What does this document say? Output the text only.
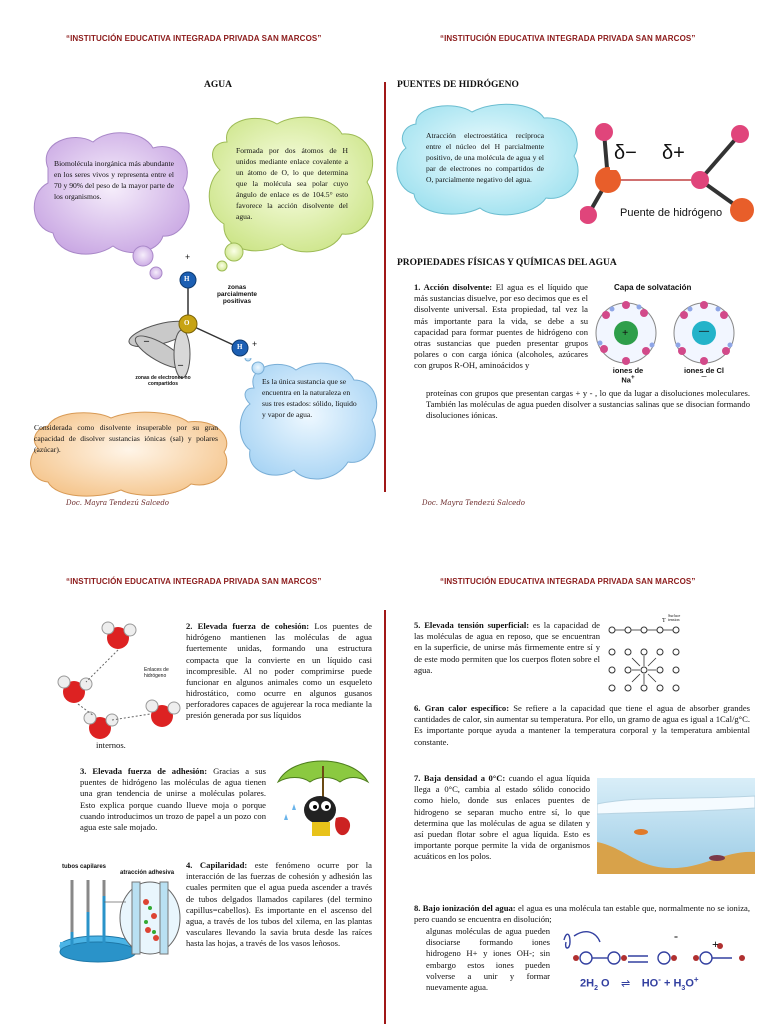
“INSTITUCIÓN EDUCATIVA INTEGRADA PRIVADA SAN MARCOS”
AGUA
Biomolécula inorgánica más abundante en los seres vivos y representa entre el 70 y 90% del peso de la mayor parte de los organismos.
Formada por dos átomos de H unidos mediante enlace covalente a un átomo de O, lo que determina que la molécula sea polar cuyo ángulo de enlace es de 104.5° esto favorece la acción disolvente del agua.
H
+
O
H +
–
–
zonas parcialmente positivas
zonas de electrones no compartidos	Es la única sustancia que se encuentra en la naturaleza en sus tres estados: sólido, líquido y vapor de agua.
Considerada como disolvente insuperable por su gran capacidad de disolver sustancias iónicas (sal) y polares (azúcar).
Doc. Mayra Tendezú Salcedo
“INSTITUCIÓN EDUCATIVA INTEGRADA PRIVADA SAN MARCOS”
PUENTES DE HIDRÓGENO
Atracción electroestática recíproca entre el núcleo del H parcialmente positivo, de una molécula de agua y el par de electrones no compartidos de O, parcialmente negativo del agua.
δ− δ+
Puente de hidrógeno
PROPIEDADES FÍSICAS Y QUÍMICAS DEL AGUA
1. Acción disolvente: El agua es el líquido que más sustancias disuelve, por eso decimos que es el disolvente universal. Esta propiedad, tal vez la más importante para la vida, se debe a su capacidad para formar puentes de hidrógeno con otras sustancias que pueden presentar grupos polares o con carga iónica (alcoholes, azúcares con grupos R-OH, aminoácidos y
proteínas con grupos que presentan cargas + y - , lo que da lugar a disoluciones moleculares. También las moléculas de agua pueden disolver a sustancias salinas que se disocian formando disoluciones iónicas.
Capa de solvatación
+	—
iones de Na+
iones de Cl—
Doc. Mayra Tendezú Salcedo
“INSTITUCIÓN EDUCATIVA INTEGRADA PRIVADA SAN MARCOS”
Enlaces de hidrógeno
2. Elevada fuerza de cohesión: Los puentes de hidrógeno mantienen las moléculas de agua fuertemente unidas, formando una estructura compacta que la convierte en un líquido casi incompresible. Al no poder comprimirse puede funcionar en algunos animales como un esqueleto hidrostático, como ocurre en algunos gusanos perforadores capaces de agujerear la roca mediante la presión generada por sus líquidos
internos.
3. Elevada fuerza de adhesión: Gracias a sus puentes de hidrógeno las moléculas de agua tienen una gran tendencia de unirse a moléculas polares. Esto explica porque cuando llueve moja o porque cuando introducimos un trozo de papel a un pozo con agua este sale mojado.
tubos capilares
atracción adhesiva
4. Capilaridad: este fenómeno ocurre por la interacción de las fuerzas de cohesión y adhesión las cuales permiten que el agua pueda ascender a través de tubos delgados llamados capilares (del termino capillus=cabellos). Es importante en el ascenso del agua, a través de los tubos del xilema, en las plantas vasculares llevando la savia bruta desde las raíces hasta las hojas, a través de los vasos leñosos.
“INSTITUCIÓN EDUCATIVA INTEGRADA PRIVADA SAN MARCOS”
5. Elevada tensión superficial: es la capacidad de las moléculas de agua en reposo, que se encuentran en la superficie, de unirse más firmemente entre sí y de este modo permiten que los cuerpos floten sobre el agua.
T
Surface
tension
6. Gran calor específico: Se refiere a la capacidad que tiene el agua de absorber grandes cantidades de calor, sin aumentar su temperatura. Por ello, un gramo de agua es igual a 1Cal/g°C. Es importante porque ayuda a mantener la temperatura corporal y la temperatura ambiental constante.
7. Baja densidad a 0°C: cuando el agua líquida llega a 0°C, cambia al estado sólido conocido como hielo, donde sus enlaces puentes de hidrogeno se separan mucho entre sí, lo que determina que las moléculas de agua se dilaten y así puedan flotar sobre el agua líquida. Esto es importante porque permite la vida de organismos acuáticos en los polos.
8. Bajo ionización del agua: el agua es una molécula tan estable que, normalmente no se ioniza, pero cuando se encuentra en disolución;
algunas moléculas de agua pueden disociarse formando iones hidrogeno H+ y iones OH-; sin embargo estos iones pueden volverse a unir y formar nuevamente agua.
-
+
$2H_2$ O ⇌ $HO^- + H_3O^+$
